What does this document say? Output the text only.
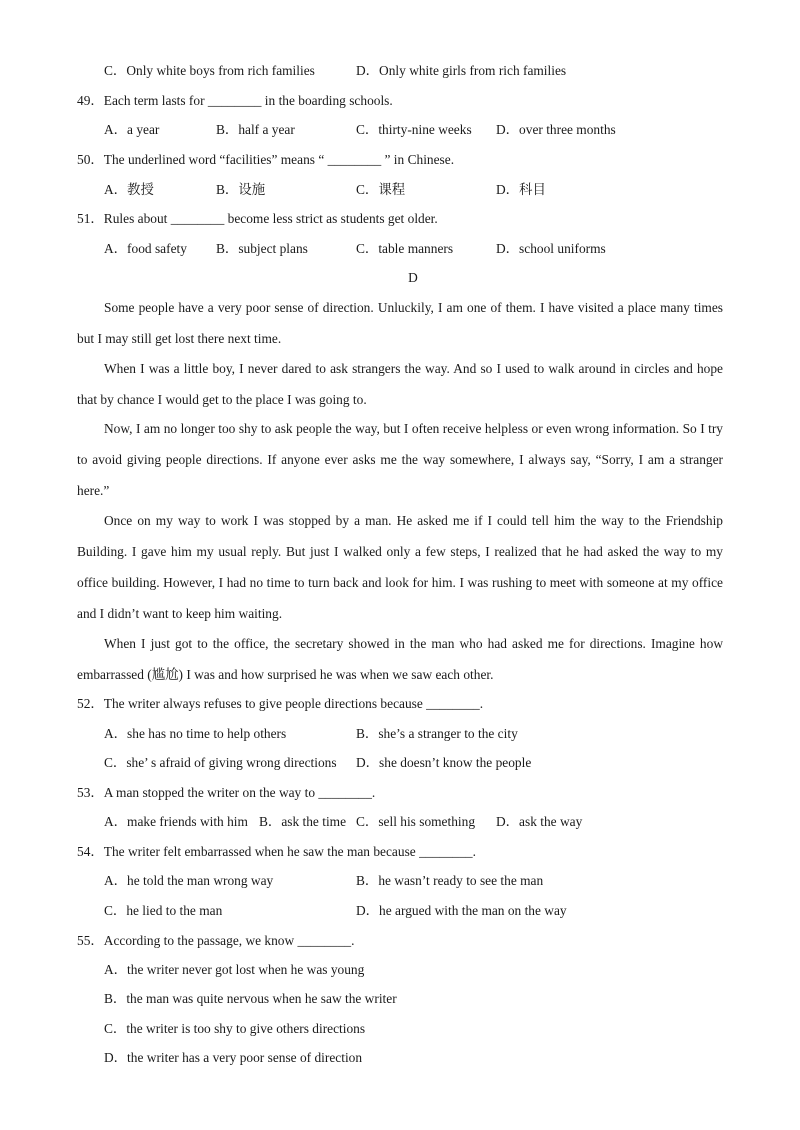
C．Only white boys from rich families	D．Only white girls from rich families
49．Each term lasts for ________ in the boarding schools.
A．a year	B．half a year	C．thirty-nine weeks D．over three months
50．The underlined word “facilities” means “ ________ ” in Chinese.
A．教授	B．设施	C．课程	D．科目
51．Rules about ________ become less strict as students get older.
A．food safety B．subject plans	C．table manners	D．school uniforms
D
Some people have a very poor sense of direction. Unluckily, I am one of them. I have visited a place many times but I may still get lost there next time.
When I was a little boy, I never dared to ask strangers the way. And so I used to walk around in circles and hope that by chance I would get to the place I was going to.
Now, I am no longer too shy to ask people the way, but I often receive helpless or even wrong information. So I try to avoid giving people directions. If anyone ever asks me the way somewhere, I always say, “Sorry, I am a stranger here.”
Once on my way to work I was stopped by a man. He asked me if I could tell him the way to the Friendship Building. I gave him my usual reply. But just I walked only a few steps, I realized that he had asked the way to my office building. However, I had no time to turn back and look for him. I was rushing to meet with someone at my office and I didn’t want to keep him waiting.
When I just got to the office, the secretary showed in the man who had asked me for directions. Imagine how embarrassed (尴尬) I was and how surprised he was when we saw each other.
52．The writer always refuses to give people directions because ________.
A．she has no time to help others	B．she’s a stranger to the city
C．she’ s afraid of giving wrong directions D．she doesn’t know the people
53．A man stopped the writer on the way to ________.
A．make friends with him B．ask the time C．sell his something D．ask the way
54．The writer felt embarrassed when he saw the man because ________.
A．he told the man wrong way	B．he wasn’t ready to see the man
C．he lied to the man	D．he argued with the man on the way
55．According to the passage, we know ________.
A．the writer never got lost when he was young
B．the man was quite nervous when he saw the writer
C．the writer is too shy to give others directions
D．the writer has a very poor sense of direction
